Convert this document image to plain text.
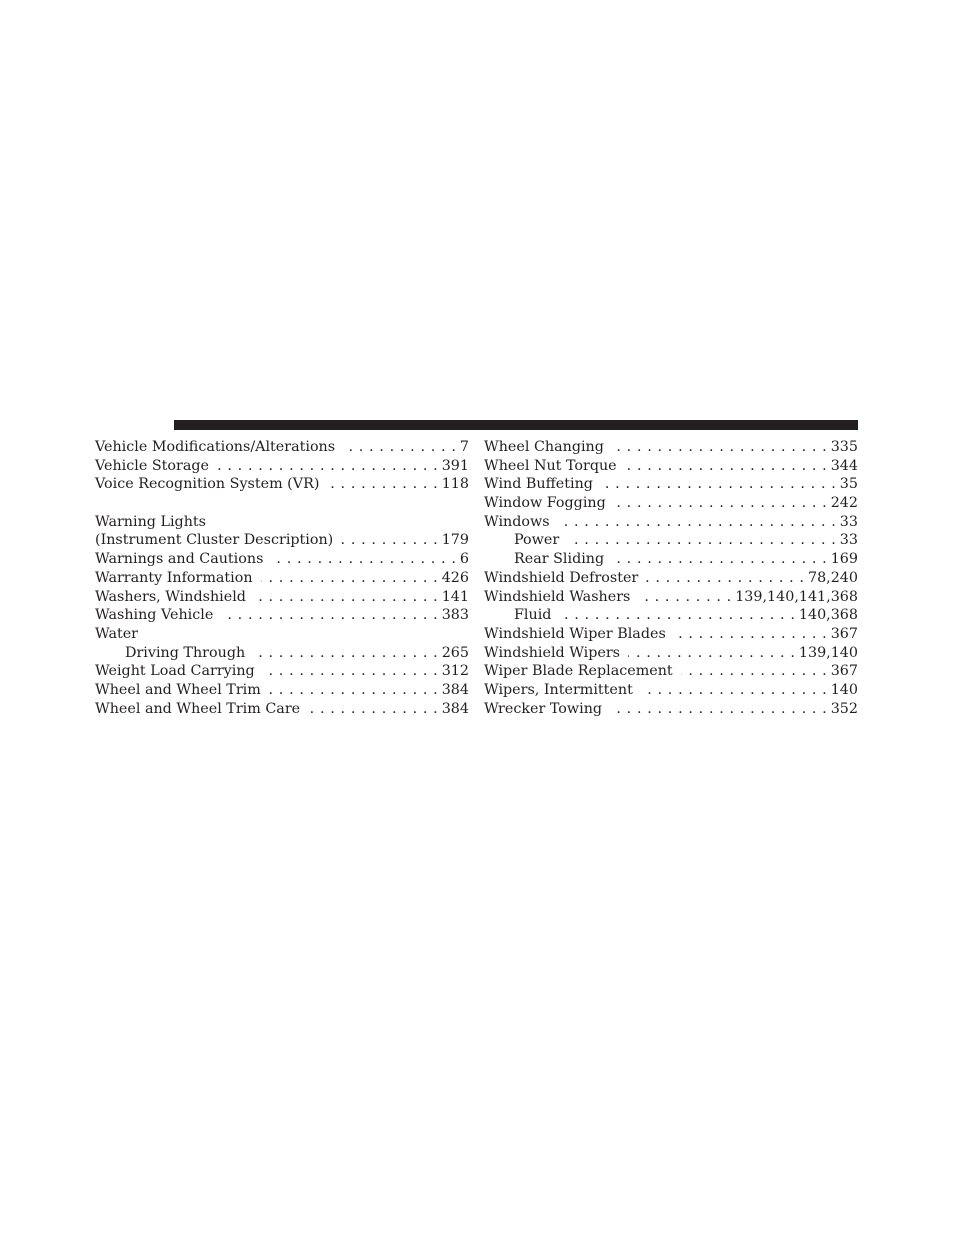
Vehicle Modifications/Alterations . . .	7
Vehicle Storage . . .	391
Voice Recognition System (VR) . . .	118
Warning Lights
(Instrument Cluster Description) . . .	179
Warnings and Cautions . . .	6
Warranty Information . . .	426
Washers, Windshield . . .	141
Washing Vehicle . . .	383
Water
Driving Through . . .	265
Weight Load Carrying . . .	312
Wheel and Wheel Trim . . .	384
Wheel and Wheel Trim Care . . .	384
Wheel Changing . . .	335
Wheel Nut Torque . . .	344
Wind Buffeting . . .	35
Window Fogging . . .	242
Windows . . .	33
Power . . .	33
Rear Sliding . . .	169
Windshield Defroster . . .	78,240
Windshield Washers . . .	139,140,141,368
Fluid . . .	140,368
Windshield Wiper Blades . . .	367
Windshield Wipers . . .	139,140
Wiper Blade Replacement . . .	367
Wipers, Intermittent . . .	140
Wrecker Towing . . .	352
